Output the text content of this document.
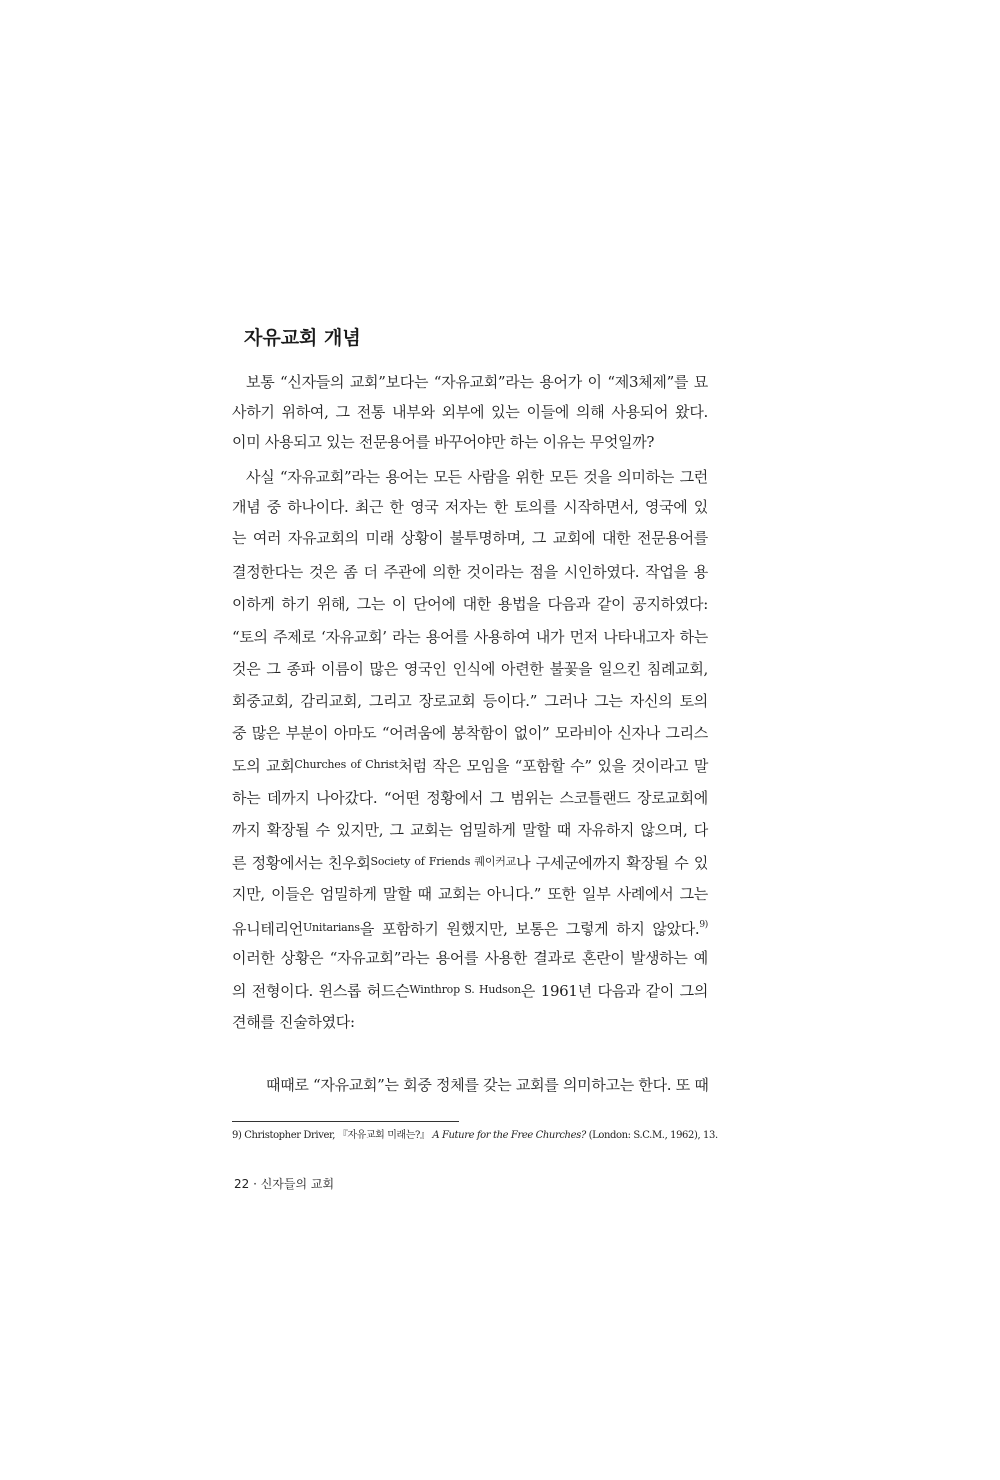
자유교회 개념
보통 “신자들의 교회”보다는 “자유교회”라는 용어가 이 “제3체제”를 묘
사하기 위하여, 그 전통 내부와 외부에 있는 이들에 의해 사용되어 왔다.
이미 사용되고 있는 전문용어를 바꾸어야만 하는 이유는 무엇일까?
사실 “자유교회”라는 용어는 모든 사람을 위한 모든 것을 의미하는 그런
개념 중 하나이다. 최근 한 영국 저자는 한 토의를 시작하면서, 영국에 있
는 여러 자유교회의 미래 상황이 불투명하며, 그 교회에 대한 전문용어를
결정한다는 것은 좀 더 주관에 의한 것이라는 점을 시인하였다. 작업을 용
이하게 하기 위해, 그는 이 단어에 대한 용법을 다음과 같이 공지하였다:
“토의 주제로 ‘자유교회’ 라는 용어를 사용하여 내가 먼저 나타내고자 하는
것은 그 종파 이름이 많은 영국인 인식에 아련한 불꽃을 일으킨 침례교회,
회중교회, 감리교회, 그리고 장로교회 등이다.” 그러나 그는 자신의 토의
중 많은 부분이 아마도 “어려움에 봉착함이 없이” 모라비아 신자나 그리스
도의 교회$^{Churches of Christ}$처럼 작은 모임을 “포함할 수” 있을 것이라고 말
하는 데까지 나아갔다. “어떤 정황에서 그 범위는 스코틀랜드 장로교회에
까지 확장될 수 있지만, 그 교회는 엄밀하게 말할 때 자유하지 않으며, 다
른 정황에서는 친우회$^{Society of Friends 퀘이커교}$나 구세군에까지 확장될 수 있
지만, 이들은 엄밀하게 말할 때 교회는 아니다.” 또한 일부 사례에서 그는
유니테리언$^{Unitarians}$을 포함하기 원했지만, 보통은 그렇게 하지 않았다.$^{9)}$
이러한 상황은 “자유교회”라는 용어를 사용한 결과로 혼란이 발생하는 예
의 전형이다. 윈스롭 허드슨$^{Winthrop S. Hudson}$은 1961년 다음과 같이 그의
견해를 진술하였다:
때때로 “자유교회”는 회중 정체를 갖는 교회를 의미하고는 한다. 또 때
9) Christopher Driver, 『자유교회 미래는?』 A Future for the Free Churches? (London: S.C.M., 1962), 13.
22 · 신자들의 교회
